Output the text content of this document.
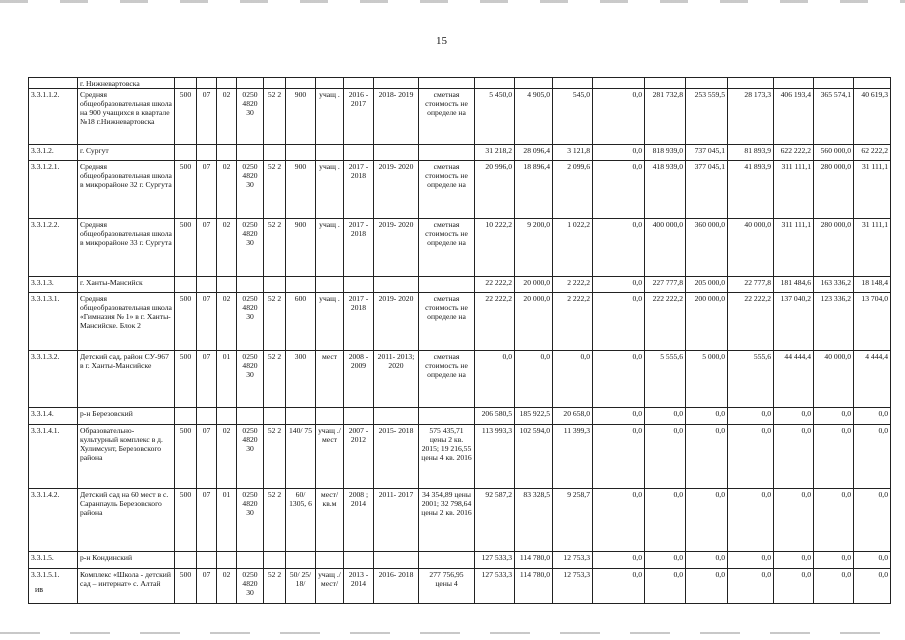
15
	г. Нижневартовска																				
3.3.1.1.2.	Средняя общеобразовательная школа на 900 учащихся в квартале №18 г.Нижневартовска	500	07	02	0250 4820 30	52 2	900	учащ .	2016 - 2017	2018- 2019	сметная стоимость не определе на	5 450,0	4 905,0	545,0	0,0	281 732,8	253 559,5	28 173,3	406 193,4	365 574,1	40 619,3
3.3.1.2.	г. Сургут											31 218,2	28 096,4	3 121,8	0,0	818 939,0	737 045,1	81 893,9	622 222,2	560 000,0	62 222,2
3.3.1.2.1.	Средняя общеобразовательная школа в микрорайоне 32 г. Сургута	500	07	02	0250 4820 30	52 2	900	учащ .	2017 - 2018	2019- 2020	сметная стоимость не определе на	20 996,0	18 896,4	2 099,6	0,0	418 939,0	377 045,1	41 893,9	311 111,1	280 000,0	31 111,1
3.3.1.2.2.	Средняя общеобразовательная школа в микрорайоне 33 г. Сургута	500	07	02	0250 4820 30	52 2	900	учащ .	2017 - 2018	2019- 2020	сметная стоимость не определе на	10 222,2	9 200,0	1 022,2	0,0	400 000,0	360 000,0	40 000,0	311 111,1	280 000,0	31 111,1
3.3.1.3.	г. Ханты-Мансийск											22 222,2	20 000,0	2 222,2	0,0	227 777,8	205 000,0	22 777,8	181 484,6	163 336,2	18 148,4
3.3.1.3.1.	Средняя общеобразовательная школа «Гимназия № 1» в г. Ханты-Мансийске. Блок 2	500	07	02	0250 4820 30	52 2	600	учащ .	2017 - 2018	2019- 2020	сметная стоимость не определе на	22 222,2	20 000,0	2 222,2	0,0	222 222,2	200 000,0	22 222,2	137 040,2	123 336,2	13 704,0
3.3.1.3.2.	Детский сад, район СУ-967 в г. Ханты-Мансийске	500	07	01	0250 4820 30	52 2	300	мест	2008 - 2009	2011- 2013; 2020	сметная стоимость не определе на	0,0	0,0	0,0	0,0	5 555,6	5 000,0	555,6	44 444,4	40 000,0	4 444,4
3.3.1.4.	р-н Березовский											206 580,5	185 922,5	20 658,0	0,0	0,0	0,0	0,0	0,0	0,0	0,0
3.3.1.4.1.	Образовательно-культурный комплекс в д. Хулимсунт, Березовского района	500	07	02	0250 4820 30	52 2	140/ 75	учащ ./ мест	2007 - 2012	2015- 2018	575 435,71 цены 2 кв. 2015; 19 216,55 цены 4 кв. 2016	113 993,3	102 594,0	11 399,3	0,0	0,0	0,0	0,0	0,0	0,0	0,0
3.3.1.4.2.	Детский сад на 60 мест в с. Саранпауль Березовского района	500	07	01	0250 4820 30	52 2	60/ 1305, 6	мест/ кв.м	2008 ; 2014	2011- 2017	34 354,89 цены 2001; 32 798,64 цены 2 кв. 2016	92 587,2	83 328,5	9 258,7	0,0	0,0	0,0	0,0	0,0	0,0	0,0
3.3.1.5.	р-н Кондинский											127 533,3	114 780,0	12 753,3	0,0	0,0	0,0	0,0	0,0	0,0	0,0
3.3.1.5.1.	Комплекс «Школа - детский сад – интернат» с. Алтай	500	07	02	0250 4820 30	52 2	50/ 25/ 18/	учащ ./ мест/	2013 - 2014	2016- 2018	277 756,95 цены 4	127 533,3	114 780,0	12 753,3	0,0	0,0	0,0	0,0	0,0	0,0	0,0
ив
